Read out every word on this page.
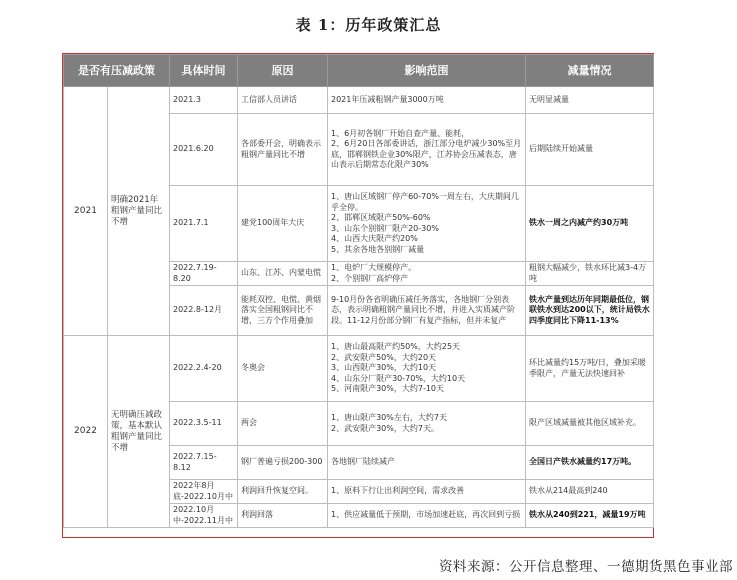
表 1：历年政策汇总
是否有压减政策		具体时间	原因	影响范围	减量情况
2021	明确2021年粗钢产量同比不增	2021.3	工信部人员讲话	2021年压减粗钢产量3000万吨	无明显减量
		2021.6.20	各部委开会，明确表示粗钢产量同比不增	1、6月初各钢厂开始自查产量、能耗，
2、6月20日各部委讲话，浙江部分电炉减少30%至月底，邯郸钢铁企业30%限产，江苏协会压减表态，唐山表示后期常态化限产30%	后期陆续开始减量
		2021.7.1	建党100周年大庆	1、唐山区域钢厂停产60-70%一周左右，大庆期间几乎全停。
2、邯郸区域限产50%-60%
3、山东个别钢厂限产20-30%
4、山西大庆限产约20%
5、其余各地各别钢厂减量	铁水一周之内减产约30万吨
		2022.7.19-8.20	山东、江苏、内蒙电慌	1、电炉厂大规模停产。
2、个别钢厂高炉停产	粗钢大幅减少，铁水环比减3-4万吨
		2022.8-12月	能耗双控、电慌、黄烟落实全国粗钢同比不增，三方个作用叠加	9-10月份各省明确压减任务落实，各地钢厂分别表态，表示明确粗钢产量同比不增，并进入实质减产阶段。11-12月份部分钢厂有复产指标，但并未复产	铁水产量到达历年同期最低位，钢联铁水到达200以下，统计局铁水四季度同比下降11-13%
2022	无明确压减政策，基本默认粗钢产量同比不增	2022.2.4-20	冬奥会	1、唐山最高限产约50%，大约25天
2、武安限产50%，大约20天
3、山西限产30%，大约10天
4、山东分厂限产30-70%，大约10天
5、河南限产30%，大约7-10天	环比减量约15万吨/日，叠加采暖季限产，产量无法快速回补
		2022.3.5-11	两会	1、唐山限产30%左右，大约7天
2、武安限产30%，大约7天。	限产区域减量被其他区域补充。
		2022.7.15-8.12	钢厂普遍亏损200-300	各地钢厂陆续减产	全国日产铁水减量约17万吨。
		2022年8月底-2022.10月中	利润回升恢复空间。	1、原料下行让出利润空间，需求改善	铁水从214最高到240
		2022.10月中-2022.11月中	利润回落	1、供应减量低于预期，市场加速赶底，再次回到亏损	铁水从240到221，减量19万吨
资料来源：公开信息整理、一德期货黑色事业部
